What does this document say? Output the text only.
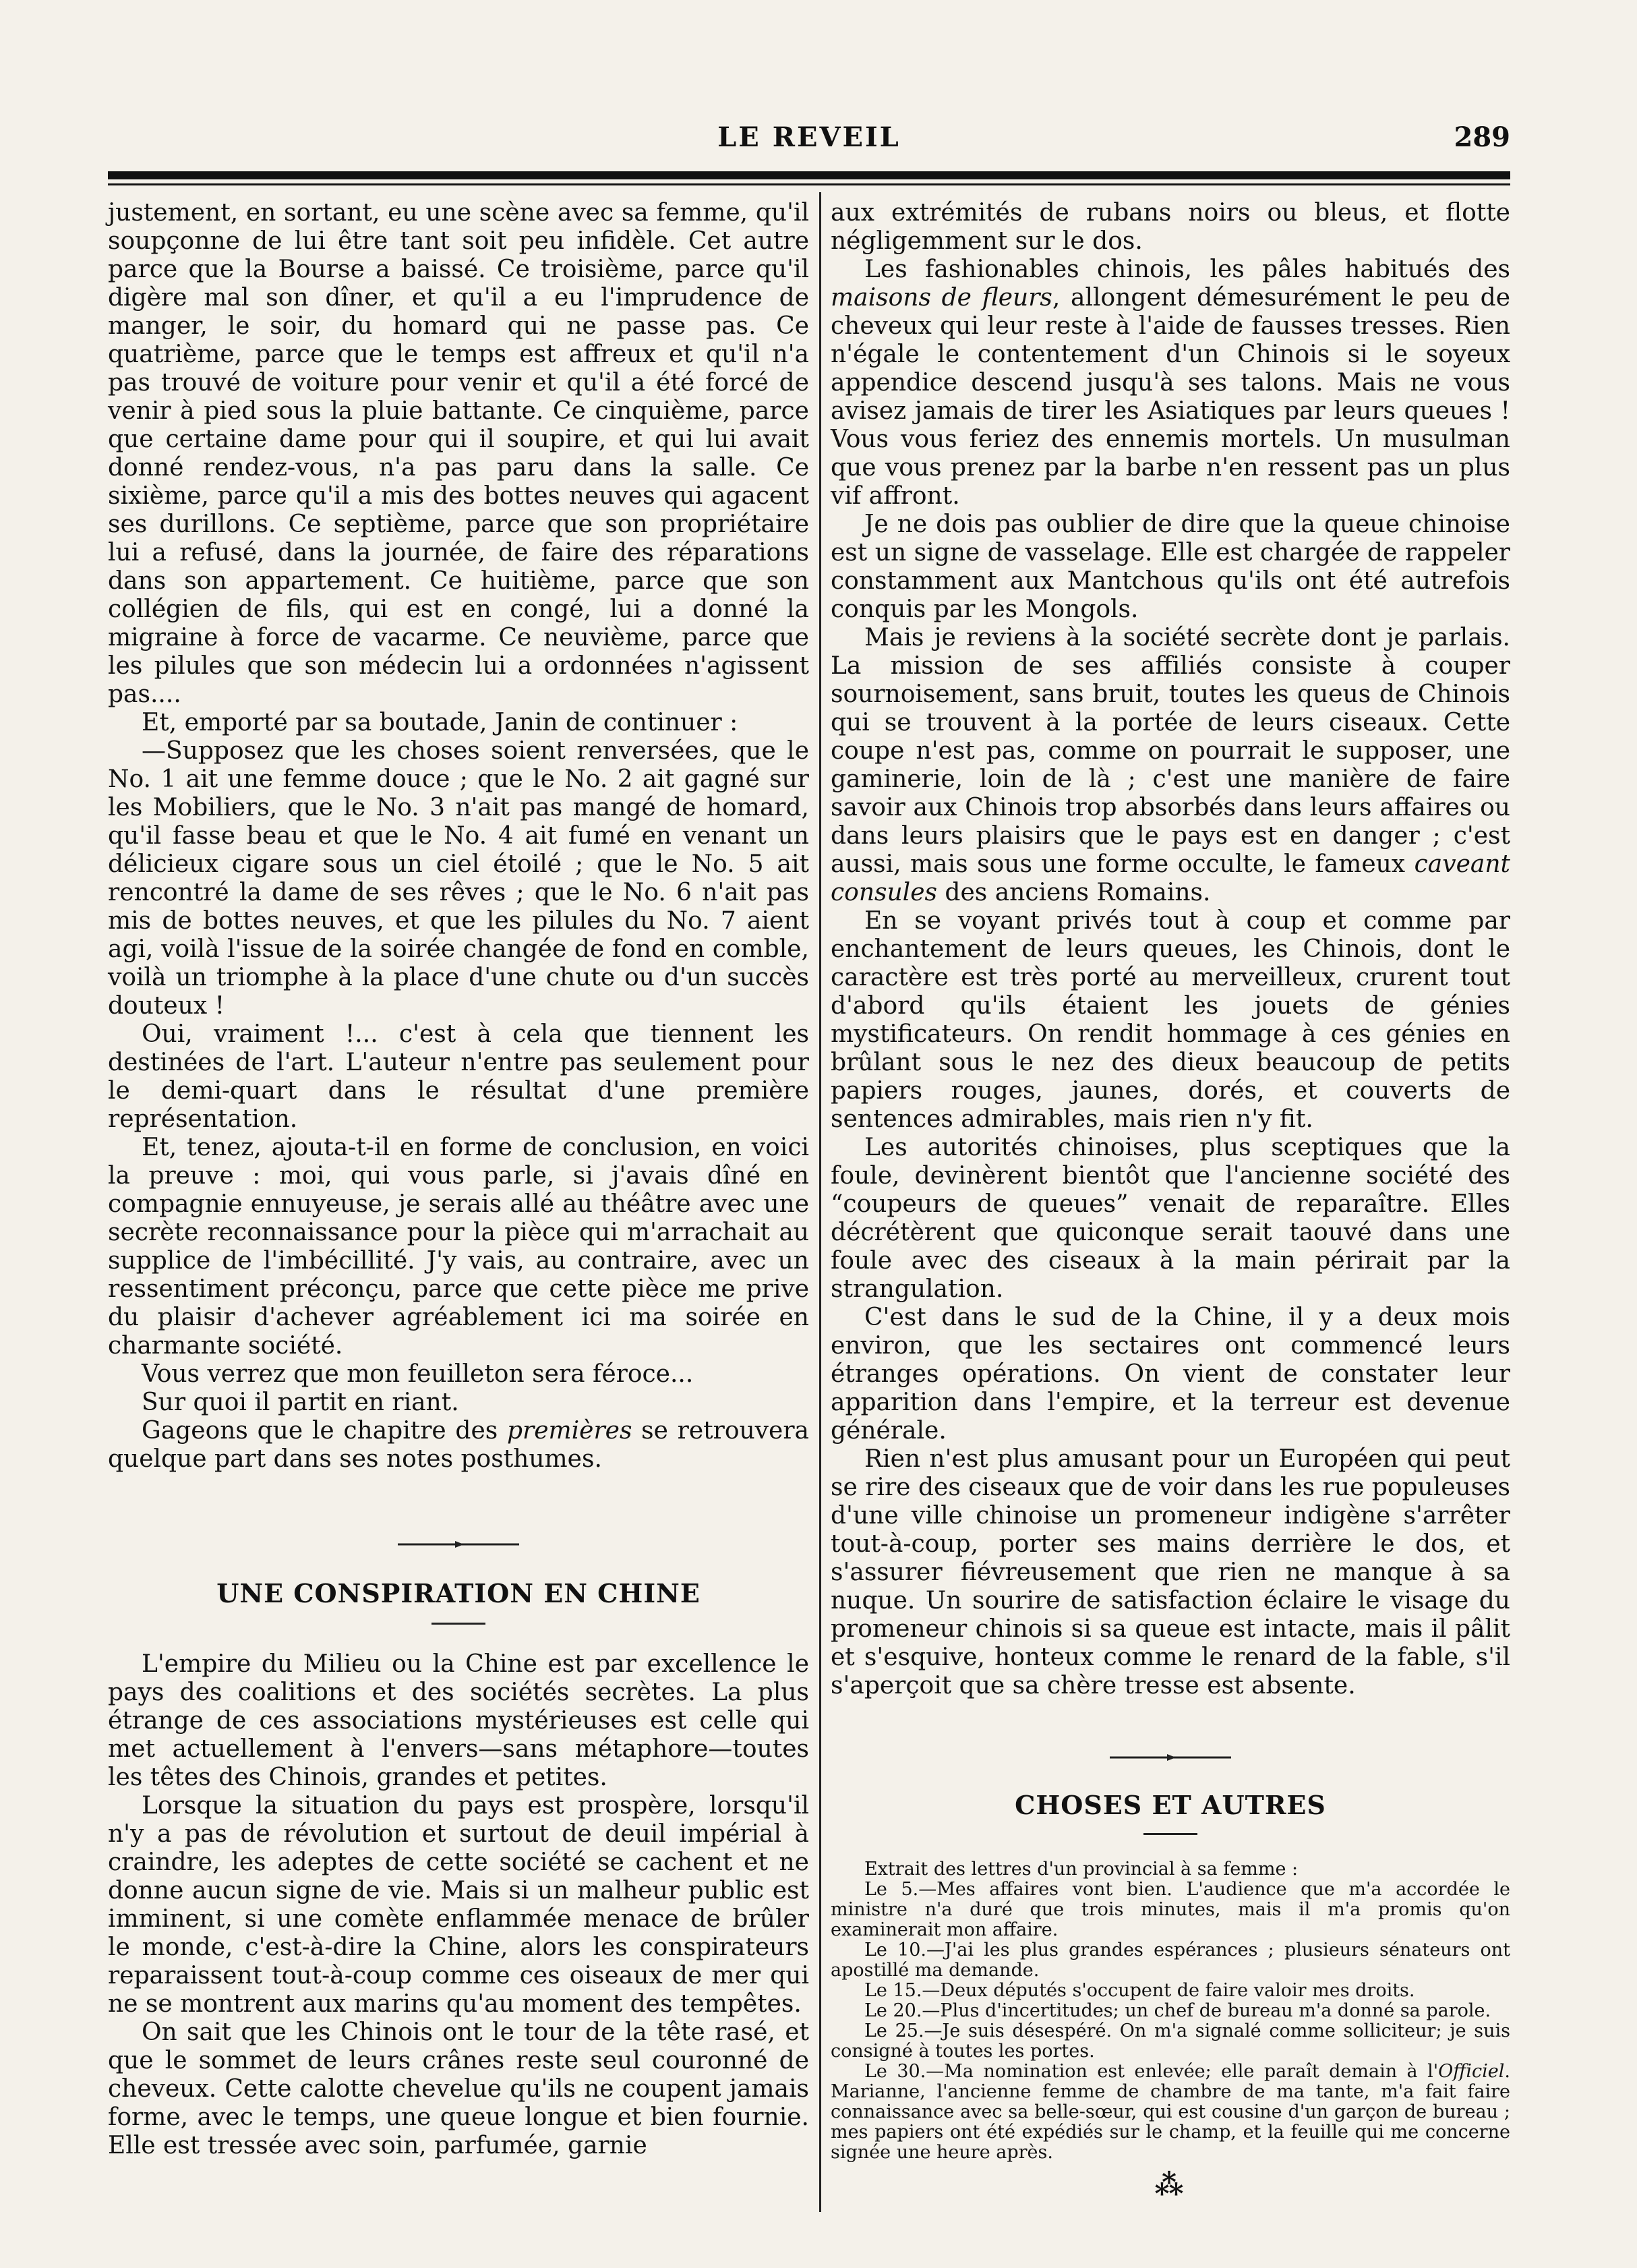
LE REVEIL	289

justement, en sortant, eu une scène avec sa femme, qu'il soupçonne de lui être tant soit peu infidèle. Cet autre parce que la Bourse a baissé. Ce troisième, parce qu'il digère mal son dîner, et qu'il a eu l'imprudence de manger, le soir, du homard qui ne passe pas. Ce quatrième, parce que le temps est affreux et qu'il n'a pas trouvé de voiture pour venir et qu'il a été forcé de venir à pied sous la pluie battante. Ce cinquième, parce que certaine dame pour qui il soupire, et qui lui avait donné rendez-vous, n'a pas paru dans la salle. Ce sixième, parce qu'il a mis des bottes neuves qui agacent ses durillons. Ce septième, parce que son propriétaire lui a refusé, dans la journée, de faire des réparations dans son appartement. Ce huitième, parce que son collégien de fils, qui est en congé, lui a donné la migraine à force de vacarme. Ce neuvième, parce que les pilules que son médecin lui a ordonnées n'agissent pas....

Et, emporté par sa boutade, Janin de continuer :

—Supposez que les choses soient renversées, que le No. 1 ait une femme douce ; que le No. 2 ait gagné sur les Mobiliers, que le No. 3 n'ait pas mangé de homard, qu'il fasse beau et que le No. 4 ait fumé en venant un délicieux cigare sous un ciel étoilé ; que le No. 5 ait rencontré la dame de ses rêves ; que le No. 6 n'ait pas mis de bottes neuves, et que les pilules du No. 7 aient agi, voilà l'issue de la soirée changée de fond en comble, voilà un triomphe à la place d'une chute ou d'un succès douteux !

Oui, vraiment !... c'est à cela que tiennent les destinées de l'art. L'auteur n'entre pas seulement pour le demi-quart dans le résultat d'une première représentation.

Et, tenez, ajouta-t-il en forme de conclusion, en voici la preuve : moi, qui vous parle, si j'avais dîné en compagnie ennuyeuse, je serais allé au théâtre avec une secrète reconnaissance pour la pièce qui m'arrachait au supplice de l'imbécillité. J'y vais, au contraire, avec un ressentiment préconçu, parce que cette pièce me prive du plaisir d'achever agréablement ici ma soirée en charmante société.

Vous verrez que mon feuilleton sera féroce...

Sur quoi il partit en riant.

Gageons que le chapitre des premières se retrouvera quelque part dans ses notes posthumes.

UNE CONSPIRATION EN CHINE

L'empire du Milieu ou la Chine est par excellence le pays des coalitions et des sociétés secrètes. La plus étrange de ces associations mystérieuses est celle qui met actuellement à l'envers—sans métaphore—toutes les têtes des Chinois, grandes et petites.

Lorsque la situation du pays est prospère, lorsqu'il n'y a pas de révolution et surtout de deuil impérial à craindre, les adeptes de cette société se cachent et ne donne aucun signe de vie. Mais si un malheur public est imminent, si une comète enflammée menace de brûler le monde, c'est-à-dire la Chine, alors les conspirateurs reparaissent tout-à-coup comme ces oiseaux de mer qui ne se montrent aux marins qu'au moment des tempêtes.

On sait que les Chinois ont le tour de la tête rasé, et que le sommet de leurs crânes reste seul couronné de cheveux. Cette calotte chevelue qu'ils ne coupent jamais forme, avec le temps, une queue longue et bien fournie. Elle est tressée avec soin, parfumée, garnie

aux extrémités de rubans noirs ou bleus, et flotte négligemment sur le dos.

Les fashionables chinois, les pâles habitués des maisons de fleurs, allongent démesurément le peu de cheveux qui leur reste à l'aide de fausses tresses. Rien n'égale le contentement d'un Chinois si le soyeux appendice descend jusqu'à ses talons. Mais ne vous avisez jamais de tirer les Asiatiques par leurs queues ! Vous vous feriez des ennemis mortels. Un musulman que vous prenez par la barbe n'en ressent pas un plus vif affront.

Je ne dois pas oublier de dire que la queue chinoise est un signe de vasselage. Elle est chargée de rappeler constamment aux Mantchous qu'ils ont été autrefois conquis par les Mongols.

Mais je reviens à la société secrète dont je parlais. La mission de ses affiliés consiste à couper sournoisement, sans bruit, toutes les queus de Chinois qui se trouvent à la portée de leurs ciseaux. Cette coupe n'est pas, comme on pourrait le supposer, une gaminerie, loin de là ; c'est une manière de faire savoir aux Chinois trop absorbés dans leurs affaires ou dans leurs plaisirs que le pays est en danger ; c'est aussi, mais sous une forme occulte, le fameux caveant consules des anciens Romains.

En se voyant privés tout à coup et comme par enchantement de leurs queues, les Chinois, dont le caractère est très porté au merveilleux, crurent tout d'abord qu'ils étaient les jouets de génies mystificateurs. On rendit hommage à ces génies en brûlant sous le nez des dieux beaucoup de petits papiers rouges, jaunes, dorés, et couverts de sentences admirables, mais rien n'y fit.

Les autorités chinoises, plus sceptiques que la foule, devinèrent bientôt que l'ancienne société des “coupeurs de queues” venait de reparaître. Elles décrétèrent que quiconque serait taouvé dans une foule avec des ciseaux à la main périrait par la strangulation.

C'est dans le sud de la Chine, il y a deux mois environ, que les sectaires ont commencé leurs étranges opérations. On vient de constater leur apparition dans l'empire, et la terreur est devenue générale.

Rien n'est plus amusant pour un Européen qui peut se rire des ciseaux que de voir dans les rue populeuses d'une ville chinoise un promeneur indigène s'arrêter tout-à-coup, porter ses mains derrière le dos, et s'assurer fiévreusement que rien ne manque à sa nuque. Un sourire de satisfaction éclaire le visage du promeneur chinois si sa queue est intacte, mais il pâlit et s'esquive, honteux comme le renard de la fable, s'il s'aperçoit que sa chère tresse est absente.

CHOSES ET AUTRES

Extrait des lettres d'un provincial à sa femme :

Le 5.—Mes affaires vont bien. L'audience que m'a accordée le ministre n'a duré que trois minutes, mais il m'a promis qu'on examinerait mon affaire.

Le 10.—J'ai les plus grandes espérances ; plusieurs sénateurs ont apostillé ma demande.

Le 15.—Deux députés s'occupent de faire valoir mes droits.

Le 20.—Plus d'incertitudes; un chef de bureau m'a donné sa parole.

Le 25.—Je suis désespéré. On m'a signalé comme solliciteur; je suis consigné à toutes les portes.

Le 30.—Ma nomination est enlevée; elle paraît demain à l'Officiel. Marianne, l'ancienne femme de chambre de ma tante, m'a fait faire connaissance avec sa belle-sœur, qui est cousine d'un garçon de bureau ; mes papiers ont été expédiés sur le champ, et la feuille qui me concerne signée une heure après.

⁂
